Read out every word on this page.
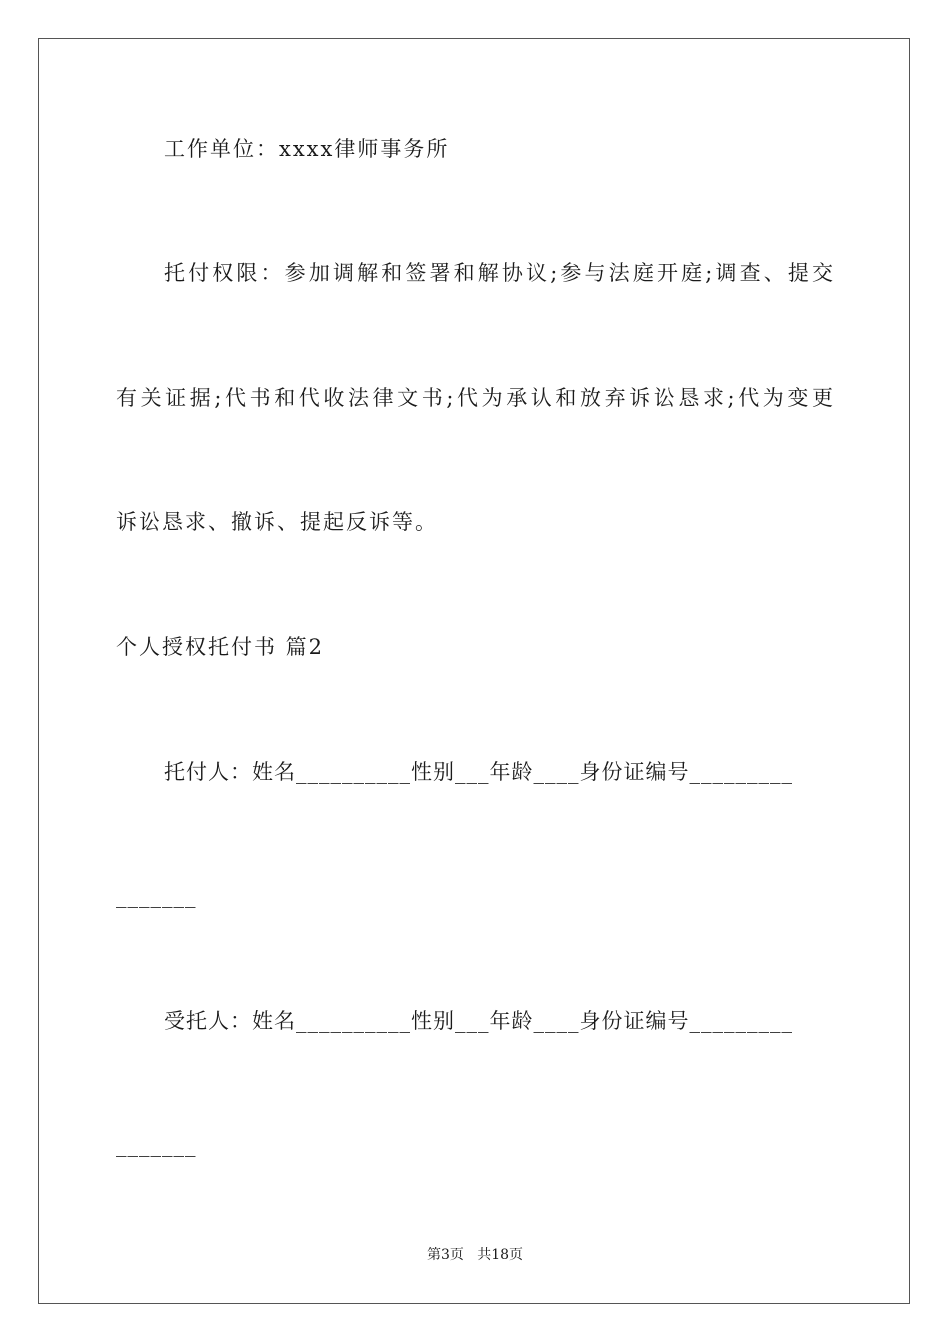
工作单位：xxxx律师事务所
托付权限：参加调解和签署和解协议;参与法庭开庭;调查、提交
有关证据;代书和代收法律文书;代为承认和放弃诉讼恳求;代为变更
诉讼恳求、撤诉、提起反诉等。
个人授权托付书 篇2
托付人：姓名__________性别___年龄____身份证编号_________
_______
受托人：姓名__________性别___年龄____身份证编号_________
_______
第3页   共18页
